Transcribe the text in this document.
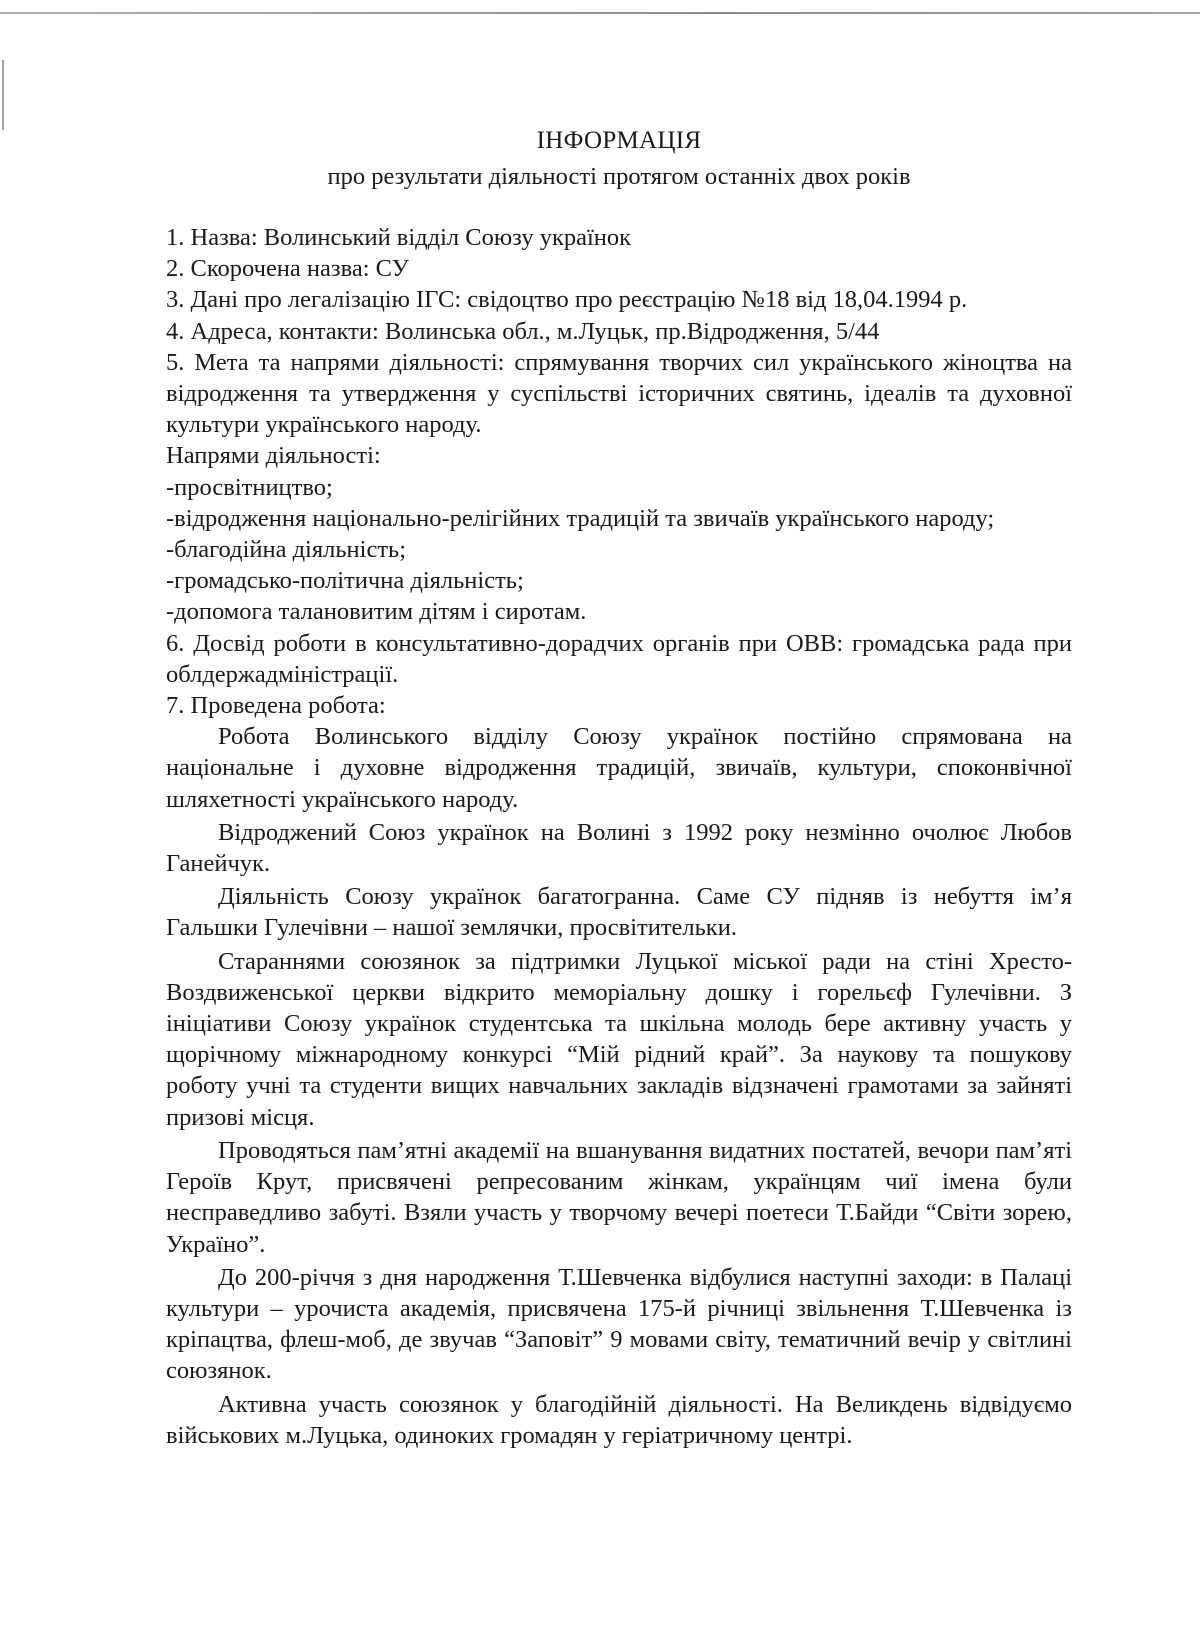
ІНФОРМАЦІЯ

про результати діяльності протягом останніх двох років

1. Назва: Волинський відділ Союзу українок

2. Скорочена назва: СУ

3. Дані про легалізацію ІГС: свідоцтво про реєстрацію №18 від 18,04.1994 р.

4. Адреса, контакти: Волинська обл., м.Луцьк, пр.Відродження, 5/44

5. Мета та напрями діяльності: спрямування творчих сил українського жіноцтва на відродження та утвердження у суспільстві історичних святинь, ідеалів та духовної культури українського народу.

Напрями діяльності:

-просвітництво;

-відродження національно-релігійних традицій та звичаїв українського народу;

-благодійна діяльність;

-громадсько-політична діяльність;

-допомога талановитим дітям і сиротам.

6. Досвід роботи в консультативно-дорадчих органів при ОВВ: громадська рада при облдержадміністрації.

7. Проведена робота:

Робота Волинського відділу Союзу українок постійно спрямована на національне і духовне відродження традицій, звичаїв, культури, споконвічної шляхетності українського народу.

Відроджений Союз українок на Волині з 1992 року незмінно очолює Любов Ганейчук.

Діяльність Союзу українок багатогранна. Саме СУ підняв із небуття ім’я Гальшки Гулечівни – нашої землячки, просвітительки.

Стараннями союзянок за підтримки Луцької міської ради на стіні Хресто-Воздвиженської церкви відкрито меморіальну дошку і горельєф Гулечівни. З ініціативи Союзу українок студентська та шкільна молодь бере активну участь у щорічному міжнародному конкурсі “Мій рідний край”. За наукову та пошукову роботу учні та студенти вищих навчальних закладів відзначені грамотами за зайняті призові місця.

Проводяться пам’ятні академії на вшанування видатних постатей, вечори пам’яті Героїв Крут, присвячені репресованим жінкам, українцям чиї імена були несправедливо забуті. Взяли участь у творчому вечері поетеси Т.Байди “Світи зорею, Україно”.

До 200-річчя з дня народження Т.Шевченка відбулися наступні заходи: в Палаці культури – урочиста академія, присвячена 175-й річниці звільнення Т.Шевченка із кріпацтва, флеш-моб, де звучав “Заповіт” 9 мовами світу, тематичний вечір у світлині союзянок.

Активна участь союзянок у благодійній діяльності. На Великдень відвідуємо військових м.Луцька, одиноких громадян у геріатричному центрі.
